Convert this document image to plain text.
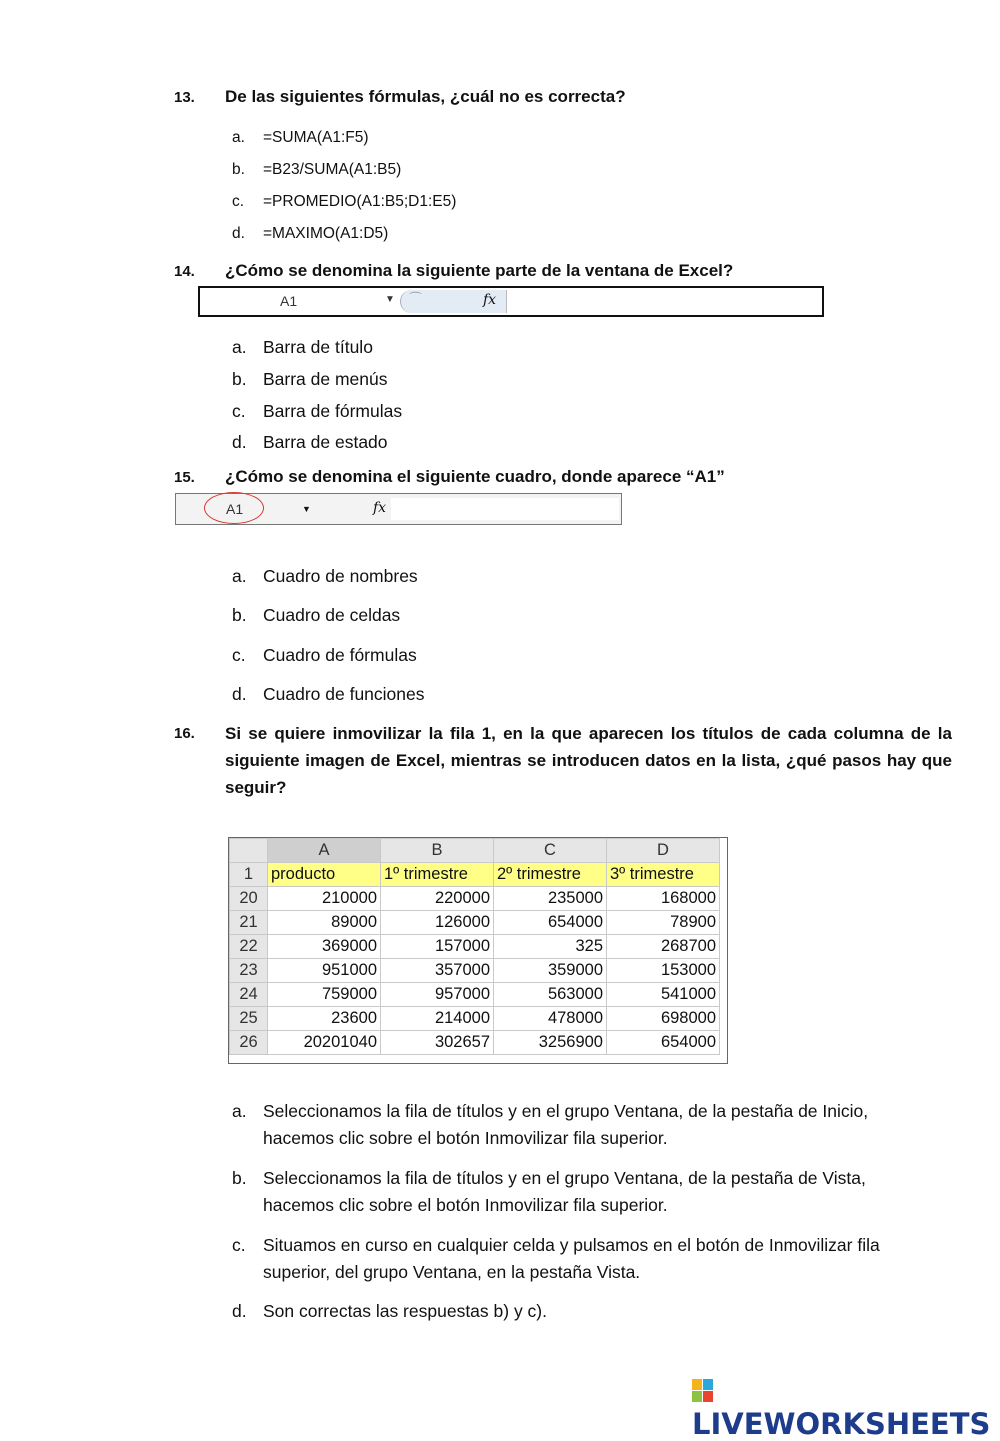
13. De las siguientes fórmulas, ¿cuál no es correcta?
a. =SUMA(A1:F5)
b. =B23/SUMA(A1:B5)
c. =PROMEDIO(A1:B5;D1:E5)
d. =MAXIMO(A1:D5)
14. ¿Cómo se denomina la siguiente parte de la ventana de Excel?
A1	▼ ⌒	fx
a. Barra de título
b. Barra de menús
c. Barra de fórmulas
d. Barra de estado
15. ¿Cómo se denomina el siguiente cuadro, donde aparece “A1”
A1	▼	fx
a. Cuadro de nombres
b. Cuadro de celdas
c. Cuadro de fórmulas
d. Cuadro de funciones
16. Si se quiere inmovilizar la fila 1, en la que aparecen los títulos de cada columna de la siguiente imagen de Excel, mientras se introducen datos en la lista, ¿qué pasos hay que seguir?
	A	B	C	D
1	producto	1º trimestre	2º trimestre	3º trimestre
20	210000	220000	235000	168000
21	89000	126000	654000	78900
22	369000	157000	325	268700
23	951000	357000	359000	153000
24	759000	957000	563000	541000
25	23600	214000	478000	698000
26	20201040	302657	3256900	654000
a. Seleccionamos la fila de títulos y en el grupo Ventana, de la pestaña de Inicio, hacemos clic sobre el botón Inmovilizar fila superior.
b. Seleccionamos la fila de títulos y en el grupo Ventana, de la pestaña de Vista, hacemos clic sobre el botón Inmovilizar fila superior.
c. Situamos en curso en cualquier celda y pulsamos en el botón de Inmovilizar fila superior, del grupo Ventana, en la pestaña Vista.
d. Son correctas las respuestas b) y c).
LIVEWORKSHEETS
